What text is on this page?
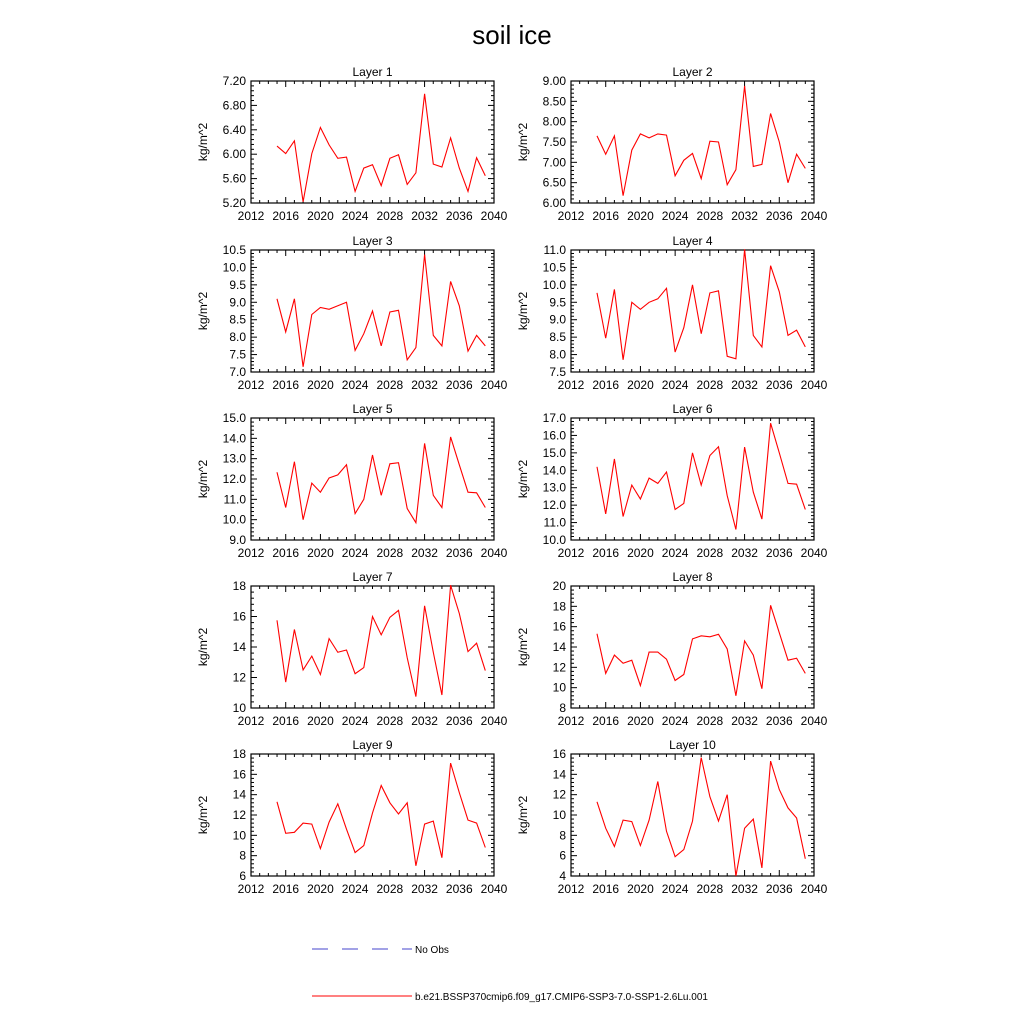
soil ice
Layer 1
kg/m^2
2012 2016 2020 2024 2028 2032 2036 2040
7.20
6.80
6.40
6.00
5.60
5.20
Layer 2
kg/m^2
2012 2016 2020 2024 2028 2032 2036 2040
9.00
8.50
8.00
7.50
7.00
6.50
6.00
Layer 3
kg/m^2
2012 2016 2020 2024 2028 2032 2036 2040
10.5
10.0
9.5
9.0
8.5
8.0
7.5
7.0
Layer 4
kg/m^2
2012 2016 2020 2024 2028 2032 2036 2040
11.0
10.5
10.0
9.5
9.0
8.5
8.0
7.5
Layer 5
kg/m^2
2012 2016 2020 2024 2028 2032 2036 2040
15.0
14.0
13.0
12.0
11.0
10.0
9.0
Layer 6
kg/m^2
2012 2016 2020 2024 2028 2032 2036 2040
17.0
16.0
15.0
14.0
13.0
12.0
11.0
10.0
Layer 7
kg/m^2
2012 2016 2020 2024 2028 2032 2036 2040
18
16
14
12
10
Layer 8
kg/m^2
2012 2016 2020 2024 2028 2032 2036 2040
20
18
16
14
12
10
8
Layer 9
kg/m^2
2012 2016 2020 2024 2028 2032 2036 2040
18
16
14
12
10
8
6
Layer 10
kg/m^2
2012 2016 2020 2024 2028 2032 2036 2040
16
14
12
10
8
6
4
No Obs
b.e21.BSSP370cmip6.f09_g17.CMIP6-SSP3-7.0-SSP1-2.6Lu.001
